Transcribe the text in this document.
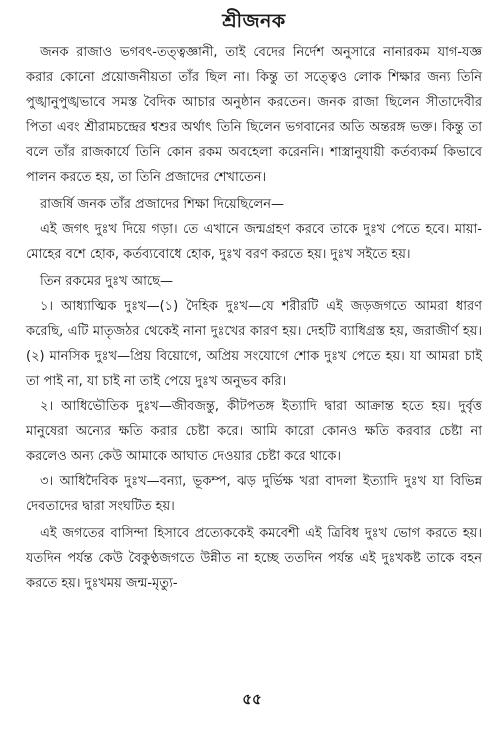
শ্রীজনক

জনক রাজাও ভগবৎ-তত্ত্বজ্ঞানী, তাই বেদের নির্দেশ অনুসারে নানারকম যাগ-যজ্ঞ করার কোনো প্রয়োজনীয়তা তাঁর ছিল না। কিন্তু তা সত্ত্বেও লোক শিক্ষার জন্য তিনি পুঙ্খানুপুঙ্খভাবে সমস্ত বৈদিক আচার অনুষ্ঠান করতেন। জনক রাজা ছিলেন সীতাদেবীর পিতা এবং শ্রীরামচন্দ্রের শ্বশুর অর্থাৎ তিনি ছিলেন ভগবানের অতি অন্তরঙ্গ ভক্ত। কিন্তু তা বলে তাঁর রাজকার্যে তিনি কোন রকম অবহেলা করেননি। শাস্ত্রানুযায়ী কর্তব্যকর্ম কিভাবে পালন করতে হয়, তা তিনি প্রজাদের শেখাতেন।

রাজর্ষি জনক তাঁর প্রজাদের শিক্ষা দিয়েছিলেন—

এই জগৎ দুঃখ দিয়ে গড়া। তে এখানে জন্মগ্রহণ করবে তাকে দুঃখ পেতে হবে। মায়া-মোহের বশে হোক, কর্তব্যবোধে হোক, দুঃখ বরণ করতে হয়। দুঃখ সইতে হয়।

তিন রকমের দুঃখ আছে—

১। আধ্যাত্মিক দুঃখ—(১) দৈহিক দুঃখ—যে শরীরটি এই জড়জগতে আমরা ধারণ করেছি, এটি মাতৃজঠর থেকেই নানা দুঃখের কারণ হয়। দেহটি ব্যাধিগ্রস্ত হয়, জরাজীর্ণ হয়। (২) মানসিক দুঃখ—প্রিয় বিয়োগে, অপ্রিয় সংযোগে শোক দুঃখ পেতে হয়। যা আমরা চাই তা পাই না, যা চাই না তাই পেয়ে দুঃখ অনুভব করি।

২। আধিভৌতিক দুঃখ—জীবজন্তু, কীটপতঙ্গ ইত্যাদি দ্বারা আক্রান্ত হতে হয়। দুর্বৃত্ত মানুষেরা অন্যের ক্ষতি করার চেষ্টা করে। আমি কারো কোনও ক্ষতি করবার চেষ্টা না করলেও অন্য কেউ আমাকে আঘাত দেওয়ার চেষ্টা করে থাকে।

৩। আধিদৈবিক দুঃখ—বন্যা, ভূকম্প, ঝড় দুর্ভিক্ষ খরা বাদলা ইত্যাদি দুঃখ যা বিভিন্ন দেবতাদের দ্বারা সংঘটিত হয়।

এই জগতের বাসিন্দা হিসাবে প্রত্যেককেই কমবেশী এই ত্রিবিধ দুঃখ ভোগ করতে হয়। যতদিন পর্যন্ত কেউ বৈকুণ্ঠজগতে উন্নীত না হচ্ছে ততদিন পর্যন্ত এই দুঃখকষ্ট তাকে বহন করতে হয়। দুঃখময় জন্ম-মৃত্যু-

৫৫
